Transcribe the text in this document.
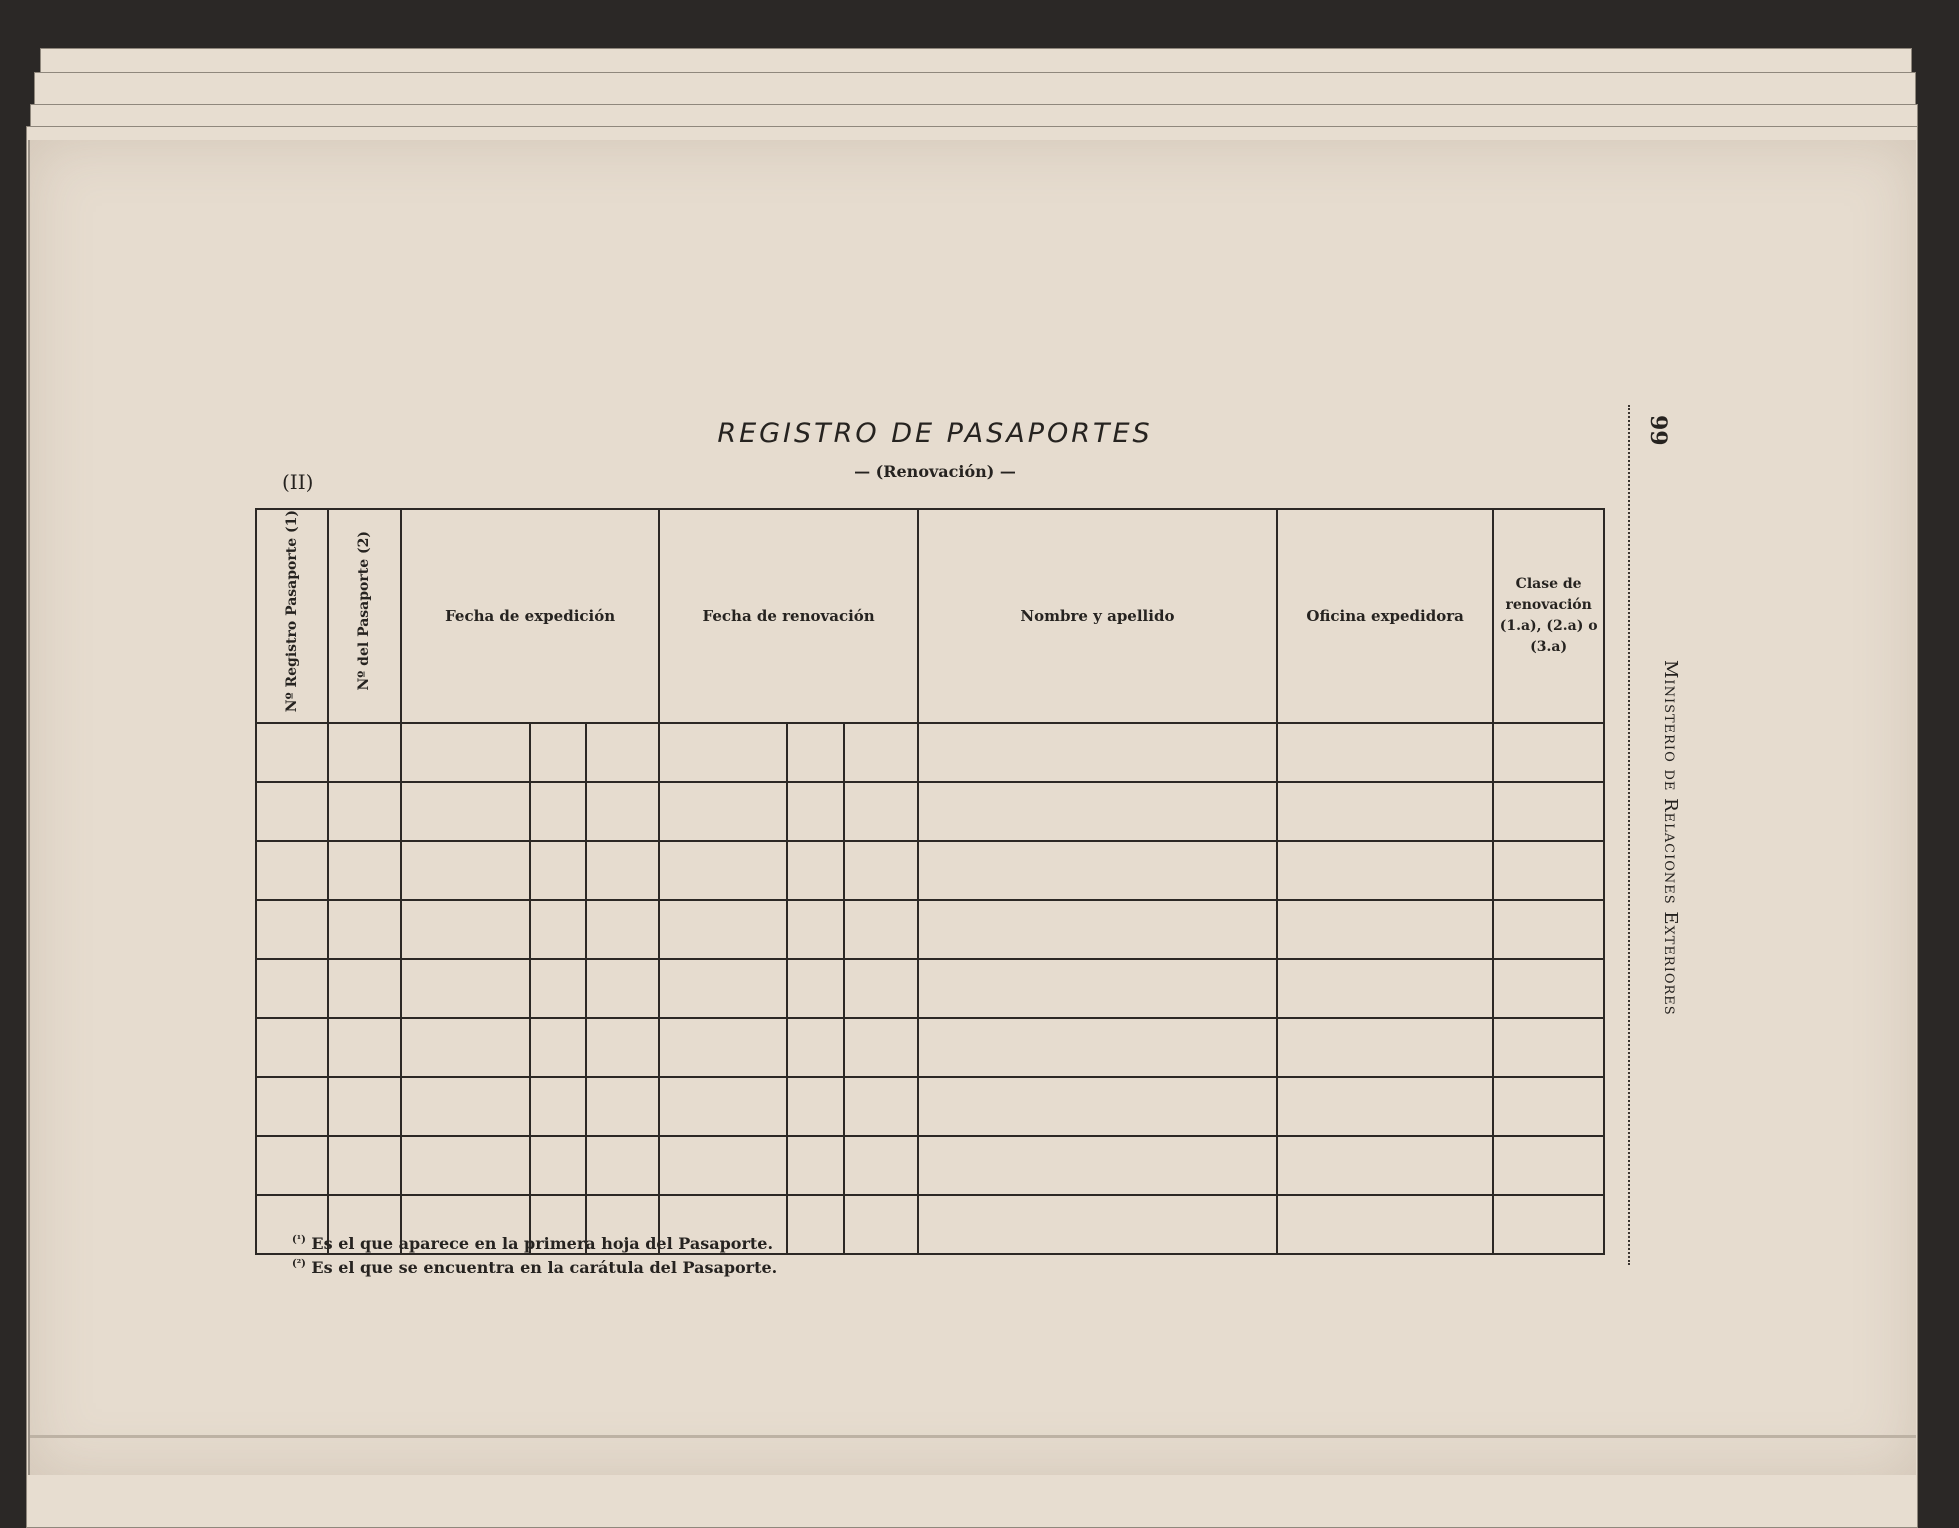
REGISTRO DE PASAPORTES
(II)	— (Renovación) —
Nº Registro Pasaporte (1)	Nº del Pasaporte (2)	Fecha de expedición			Fecha de renovación			Nombre y apellido	Oficina expedidora	Clase de renovación (1.a), (2.a) o (3.a)

$^{(^1)}$ Es el que aparece en la primera hoja del Pasaporte.
$^{(^2)}$ Es el que se encuentra en la carátula del Pasaporte.
99
Ministerio de Relaciones Exteriores
